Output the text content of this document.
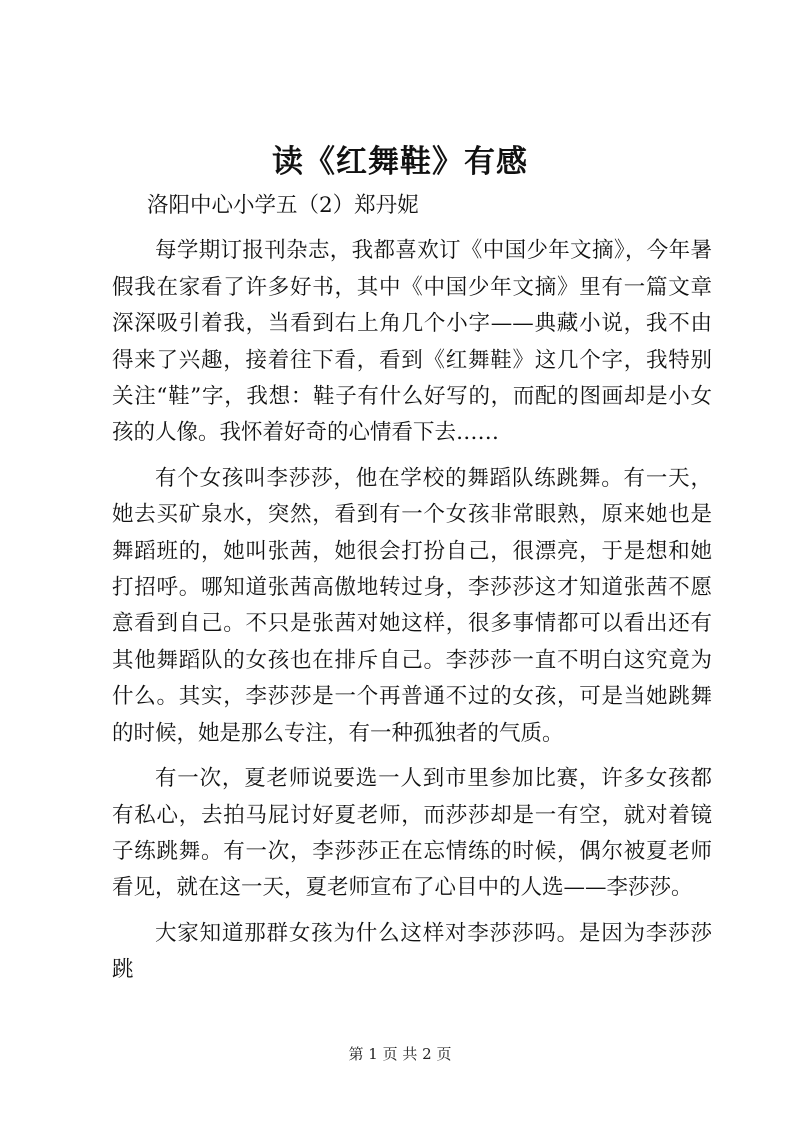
读《红舞鞋》有感

洛阳中心小学五（2）郑丹妮

每学期订报刊杂志，我都喜欢订《中国少年文摘》，今年暑假我在家看了许多好书，其中《中国少年文摘》里有一篇文章深深吸引着我，当看到右上角几个小字——典藏小说，我不由得来了兴趣，接着往下看，看到《红舞鞋》这几个字，我特别关注“鞋”字，我想：鞋子有什么好写的，而配的图画却是小女孩的人像。我怀着好奇的心情看下去……

有个女孩叫李莎莎，他在学校的舞蹈队练跳舞。有一天，她去买矿泉水，突然，看到有一个女孩非常眼熟，原来她也是舞蹈班的，她叫张茜，她很会打扮自己，很漂亮，于是想和她打招呼。哪知道张茜高傲地转过身，李莎莎这才知道张茜不愿意看到自己。不只是张茜对她这样，很多事情都可以看出还有其他舞蹈队的女孩也在排斥自己。李莎莎一直不明白这究竟为什么。其实，李莎莎是一个再普通不过的女孩，可是当她跳舞的时候，她是那么专注，有一种孤独者的气质。

有一次，夏老师说要选一人到市里参加比赛，许多女孩都有私心，去拍马屁讨好夏老师，而莎莎却是一有空，就对着镜子练跳舞。有一次，李莎莎正在忘情练的时候，偶尔被夏老师看见，就在这一天，夏老师宣布了心目中的人选——李莎莎。

大家知道那群女孩为什么这样对李莎莎吗。是因为李莎莎跳

第 1 页 共 2 页
